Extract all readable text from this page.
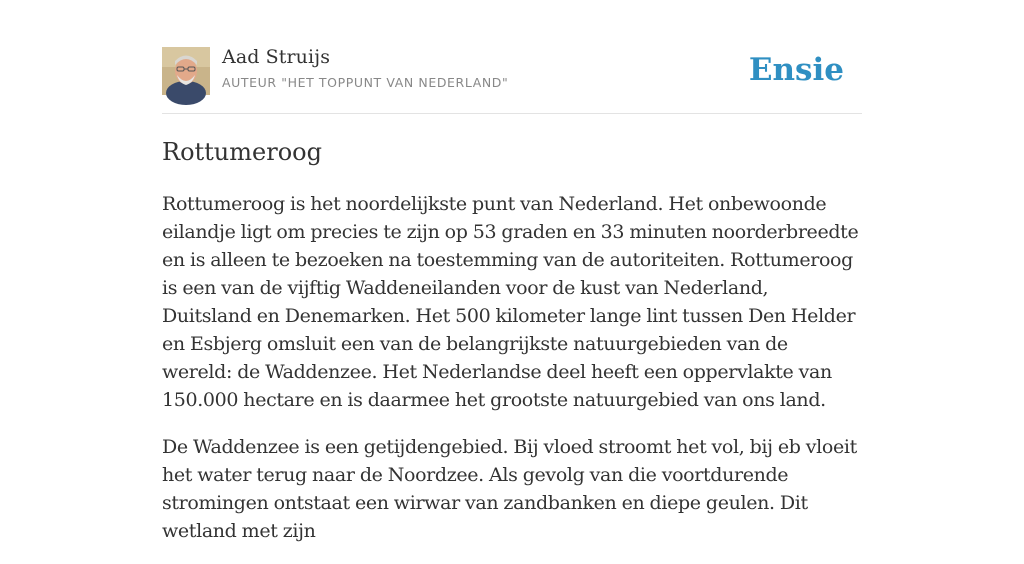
Aad Struijs
AUTEUR "HET TOPPUNT VAN NEDERLAND"	Ensie
Rottumeroog

Rottumeroog is het noordelijkste punt van Nederland. Het onbewoonde eilandje ligt om precies te zijn op 53 graden en 33 minuten noorderbreedte en is alleen te bezoeken na toestemming van de autoriteiten. Rottumeroog is een van de vijftig Waddeneilanden voor de kust van Nederland, Duitsland en Denemarken. Het 500 kilometer lange lint tussen Den Helder en Esbjerg omsluit een van de belangrijkste natuurgebieden van de wereld: de Waddenzee. Het Nederlandse deel heeft een oppervlakte van 150.000 hectare en is daarmee het grootste natuurgebied van ons land.

De Waddenzee is een getijdengebied. Bij vloed stroomt het vol, bij eb vloeit het water terug naar de Noordzee. Als gevolg van die voortdurende stromingen ontstaat een wirwar van zandbanken en diepe geulen. Dit wetland met zijn
